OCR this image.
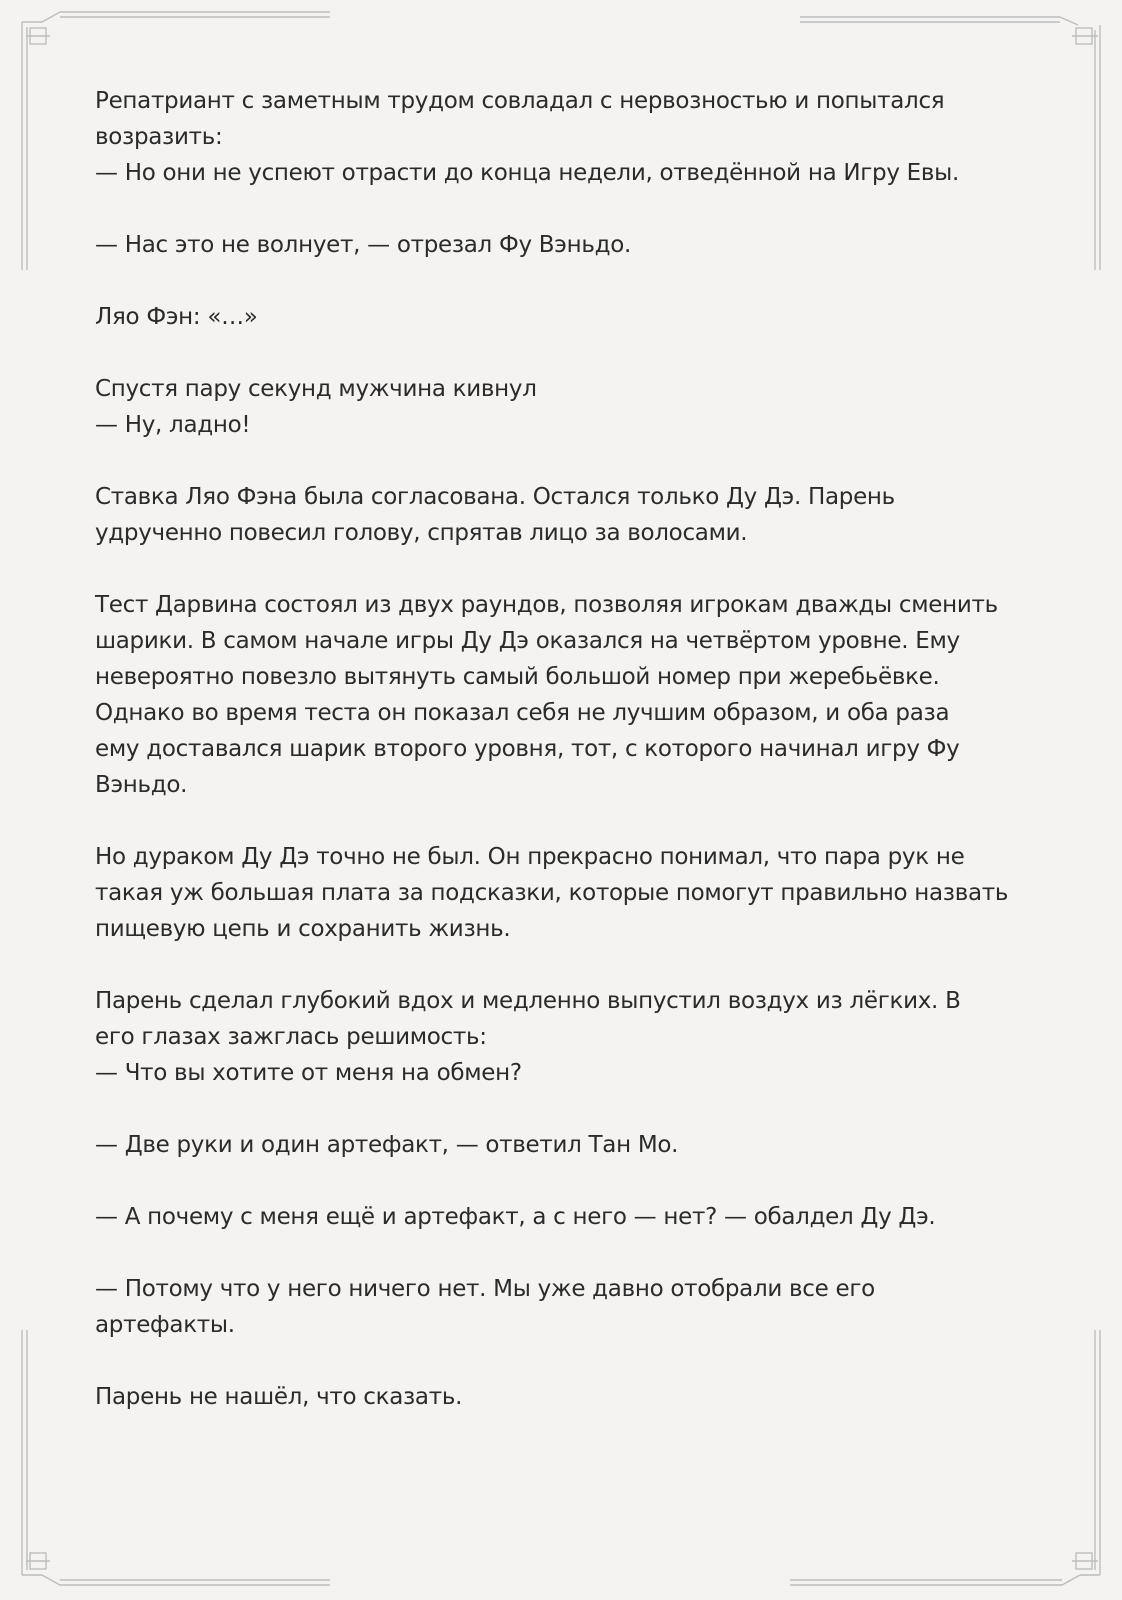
Репатриант с заметным трудом совладал с нервозностью и попытался
возразить:
— Но они не успеют отрасти до конца недели, отведённой на Игру Евы.
— Нас это не волнует, — отрезал Фу Вэньдо.
Ляо Фэн: «…»
Спустя пару секунд мужчина кивнул
— Ну, ладно!
Ставка Ляо Фэна была согласована. Остался только Ду Дэ. Парень
удрученно повесил голову, спрятав лицо за волосами.
Тест Дарвина состоял из двух раундов, позволяя игрокам дважды сменить
шарики. В самом начале игры Ду Дэ оказался на четвёртом уровне. Ему
невероятно повезло вытянуть самый большой номер при жеребьёвке.
Однако во время теста он показал себя не лучшим образом, и оба раза
ему доставался шарик второго уровня, тот, с которого начинал игру Фу
Вэньдо.
Но дураком Ду Дэ точно не был. Он прекрасно понимал, что пара рук не
такая уж большая плата за подсказки, которые помогут правильно назвать
пищевую цепь и сохранить жизнь.
Парень сделал глубокий вдох и медленно выпустил воздух из лёгких. В
его глазах зажглась решимость:
— Что вы хотите от меня на обмен?
— Две руки и один артефакт, — ответил Тан Мо.
— А почему с меня ещё и артефакт, а с него — нет? — обалдел Ду Дэ.
— Потому что у него ничего нет. Мы уже давно отобрали все его
артефакты.
Парень не нашёл, что сказать.
